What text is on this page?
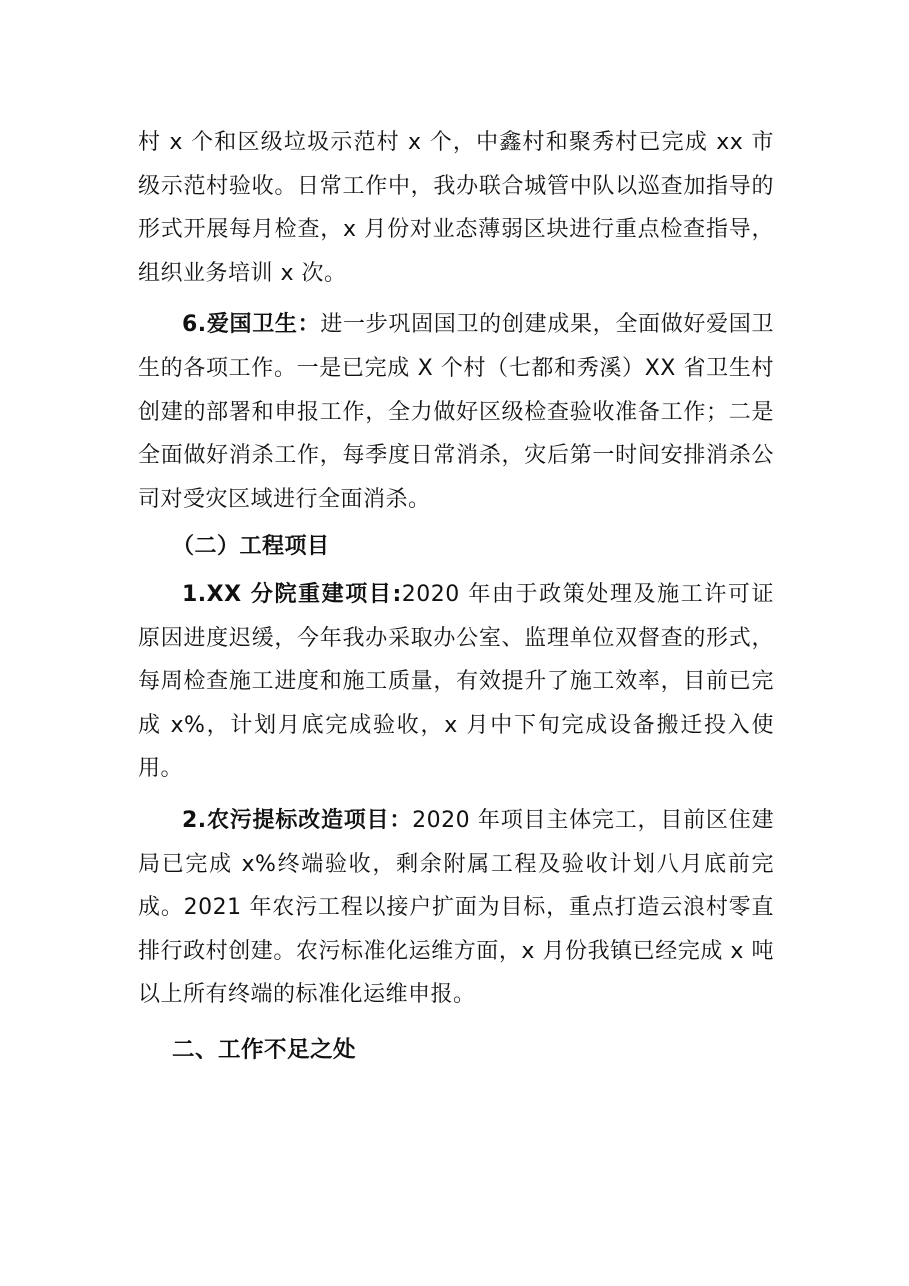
村 x 个和区级垃圾示范村 x 个，中鑫村和聚秀村已完成 xx 市级示范村验收。日常工作中，我办联合城管中队以巡查加指导的形式开展每月检查，x 月份对业态薄弱区块进行重点检查指导，组织业务培训 x 次。

6.爱国卫生：进一步巩固国卫的创建成果，全面做好爱国卫生的各项工作。一是已完成 X 个村（七都和秀溪）XX 省卫生村创建的部署和申报工作，全力做好区级检查验收准备工作；二是全面做好消杀工作，每季度日常消杀，灾后第一时间安排消杀公司对受灾区域进行全面消杀。

（二）工程项目

1.XX 分院重建项目:2020 年由于政策处理及施工许可证原因进度迟缓，今年我办采取办公室、监理单位双督查的形式，每周检查施工进度和施工质量，有效提升了施工效率，目前已完成 x%，计划月底完成验收，x 月中下旬完成设备搬迁投入使用。

2.农污提标改造项目：2020 年项目主体完工，目前区住建局已完成 x%终端验收，剩余附属工程及验收计划八月底前完成。2021 年农污工程以接户扩面为目标，重点打造云浪村零直排行政村创建。农污标准化运维方面，x 月份我镇已经完成 x 吨以上所有终端的标准化运维申报。

二、工作不足之处
